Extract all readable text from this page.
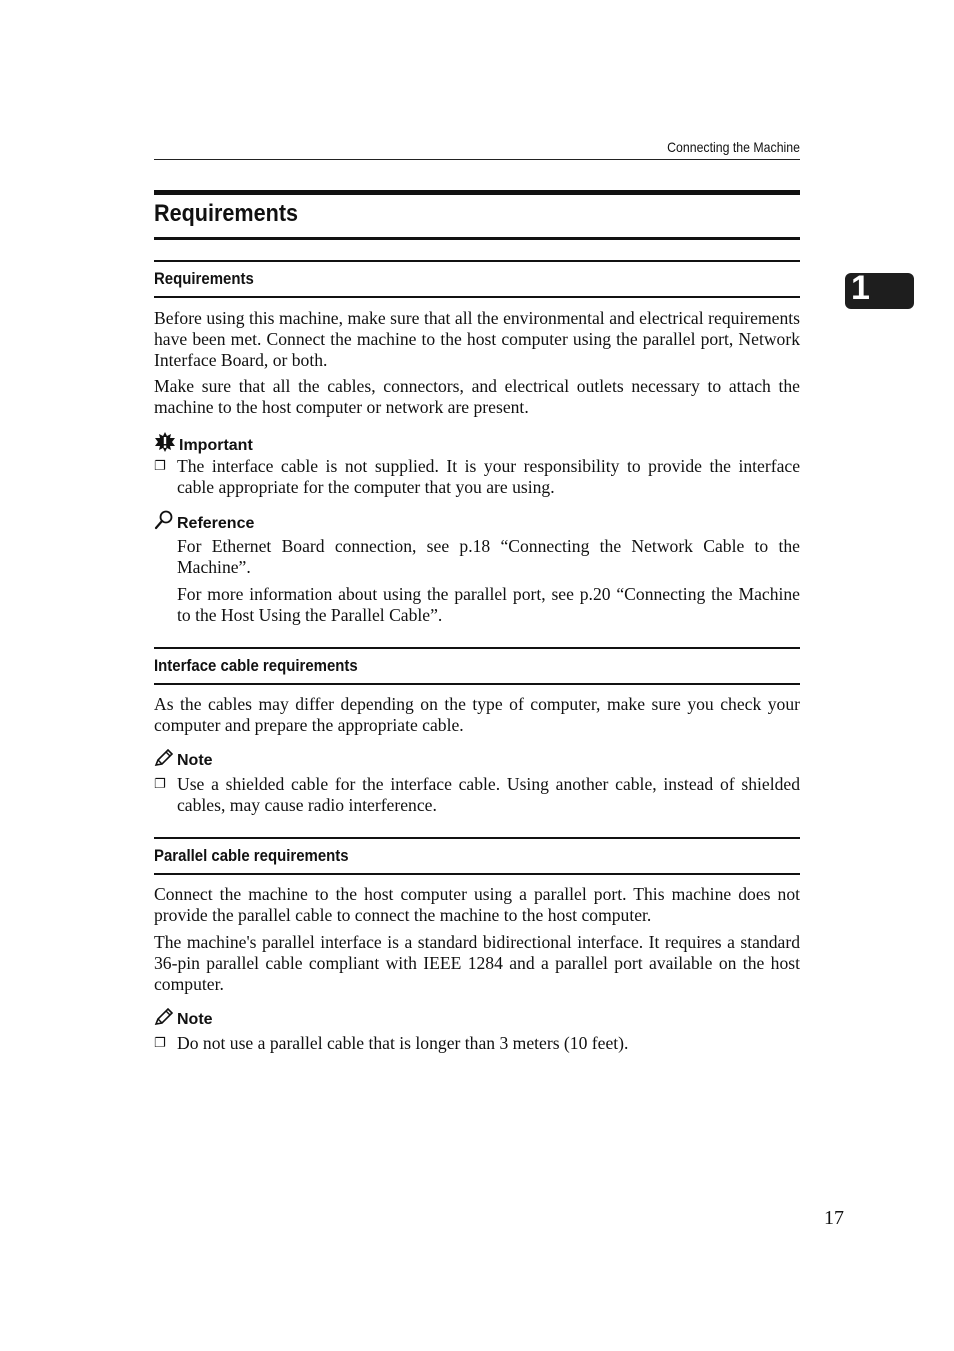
Connecting the Machine
1
Requirements
Requirements

Before using this machine, make sure that all the environmental and electrical requirements have been met. Connect the machine to the host computer using the parallel port, Network Interface Board, or both.

Make sure that all the cables, connectors, and electrical outlets necessary to attach the machine to the host computer or network are present.

Important
❐ The interface cable is not supplied. It is your responsibility to provide the interface cable appropriate for the computer that you are using.

Reference

For Ethernet Board connection, see p.18 “Connecting the Network Cable to the Machine”.

For more information about using the parallel port, see p.20 “Connecting the Machine to the Host Using the Parallel Cable”.

Interface cable requirements

As the cables may differ depending on the type of computer, make sure you check your computer and prepare the appropriate cable.

Note
❐ Use a shielded cable for the interface cable. Using another cable, instead of shielded cables, may cause radio interference.

Parallel cable requirements

Connect the machine to the host computer using a parallel port. This machine does not provide the parallel cable to connect the machine to the host computer.

The machine's parallel interface is a standard bidirectional interface. It requires a standard 36-pin parallel cable compliant with IEEE 1284 and a parallel port available on the host computer.

Note
❐ Do not use a parallel cable that is longer than 3 meters (10 feet).

17
